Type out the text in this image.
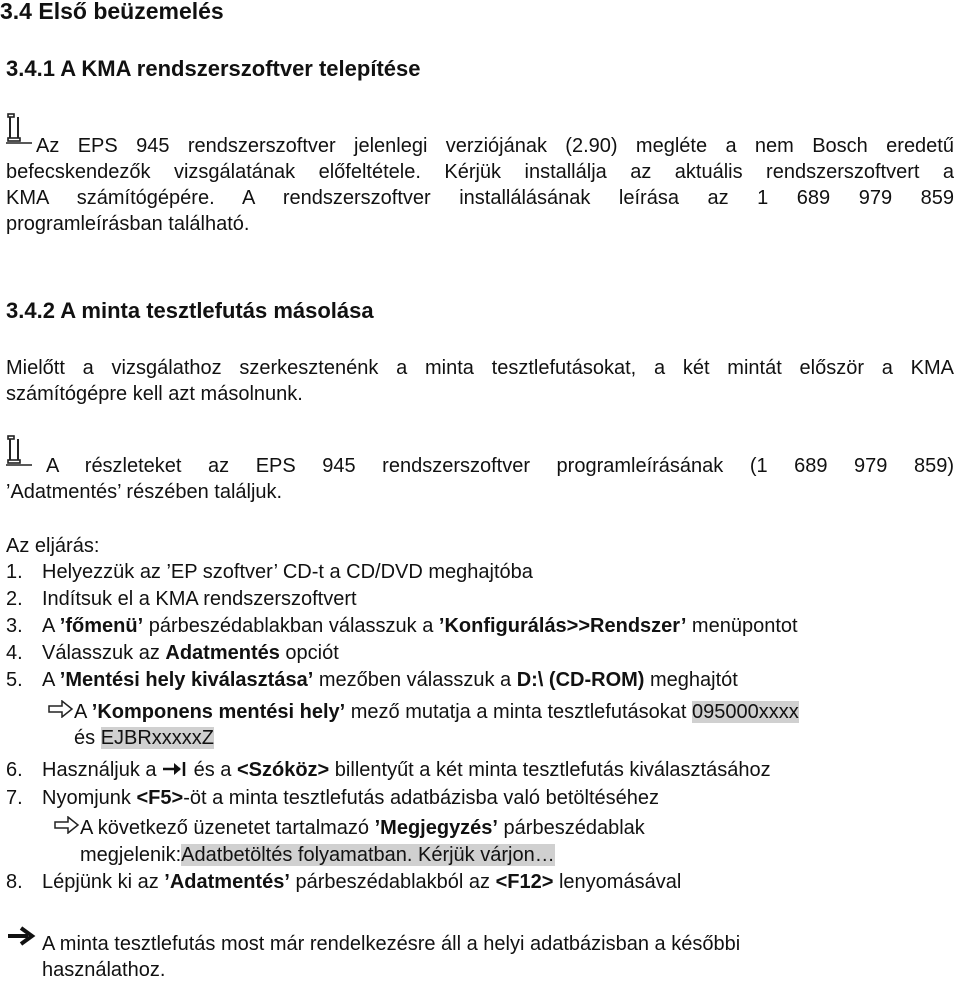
3.4 Első beüzemelés
3.4.1 A KMA rendszerszoftver telepítése
Az EPS 945 rendszerszoftver jelenlegi verziójának (2.90) megléte a nem Bosch eredetű
befecskendezők vizsgálatának előfeltétele. Kérjük installálja az aktuális rendszerszoftvert a
KMA számítógépére. A rendszerszoftver installálásának leírása az 1 689 979 859
programleírásban található.
3.4.2 A minta tesztlefutás másolása
Mielőtt a vizsgálathoz szerkesztenénk a minta tesztlefutásokat, a két mintát először a KMA
számítógépre kell azt másolnunk.
A részleteket az EPS 945 rendszerszoftver programleírásának (1 689 979 859)
’Adatmentés’ részében találjuk.
Az eljárás:
1. Helyezzük az ’EP szoftver’ CD-t a CD/DVD meghajtóba
2. Indítsuk el a KMA rendszerszoftvert
3. A ’főmenü’ párbeszédablakban válasszuk a ’Konfigurálás>>Rendszer’ menüpontot
4. Válasszuk az Adatmentés opciót
5. A ’Mentési hely kiválasztása’ mezőben válasszuk a D:\ (CD-ROM) meghajtót
A ’Komponens mentési hely’ mező mutatja a minta tesztlefutásokat 095000xxxx
és EJBRxxxxxZ
6. Használjuk a  és a <Szóköz> billentyűt a két minta tesztlefutás kiválasztásához
7. Nyomjunk <F5>-öt a minta tesztlefutás adatbázisba való betöltéséhez
A következő üzenetet tartalmazó ’Megjegyzés’ párbeszédablak
megjelenik:Adatbetöltés folyamatban. Kérjük várjon…
8. Lépjünk ki az ’Adatmentés’ párbeszédablakból az <F12> lenyomásával
A minta tesztlefutás most már rendelkezésre áll a helyi adatbázisban a későbbi
használathoz.
